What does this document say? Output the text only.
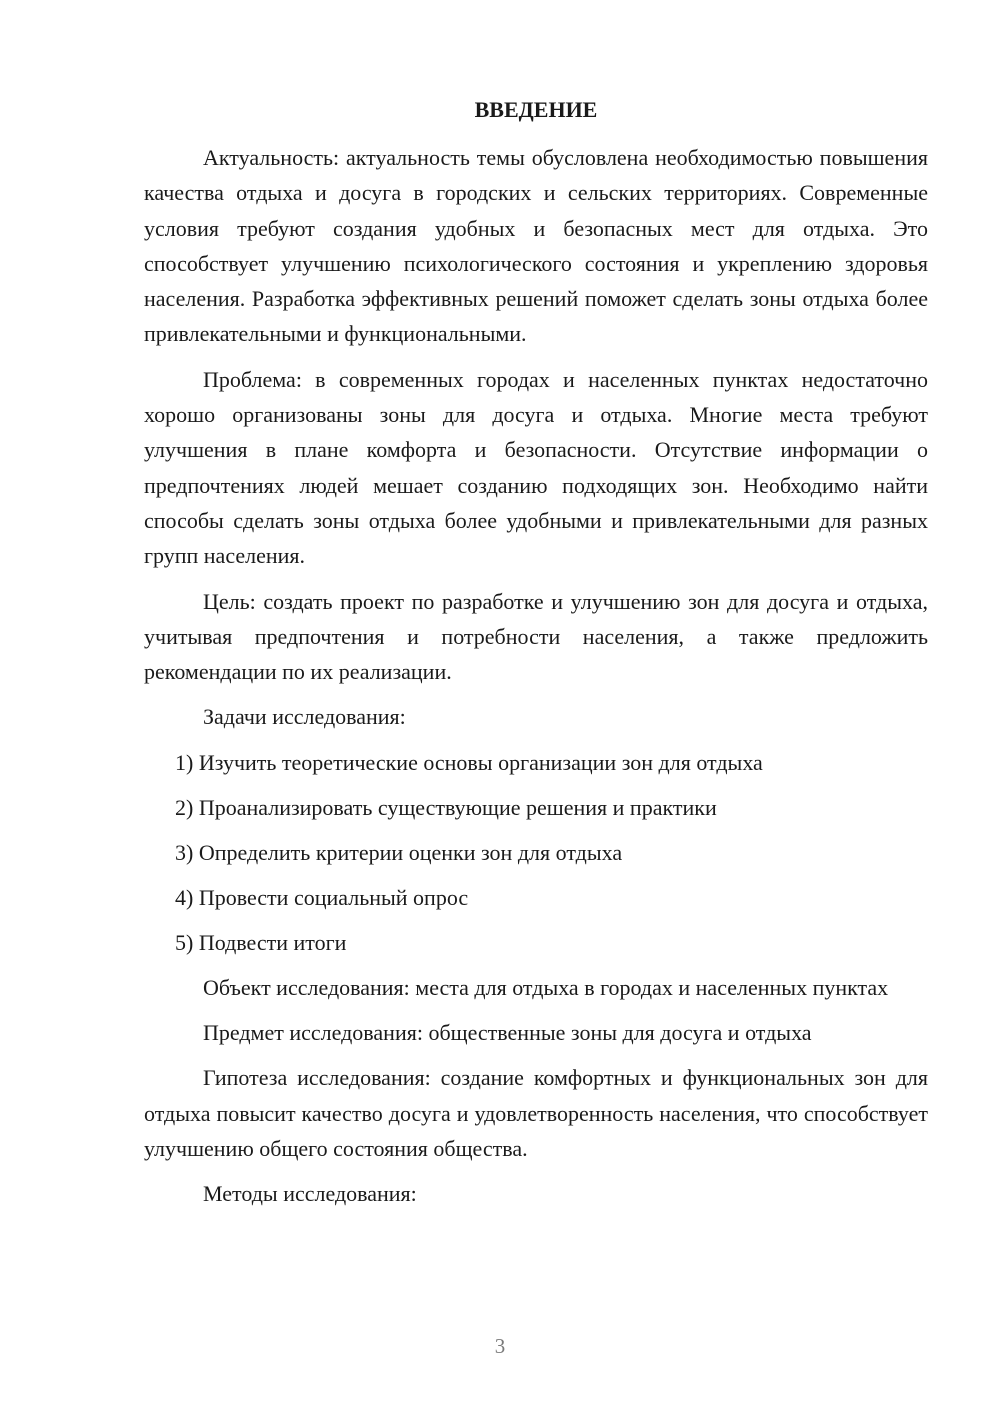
ВВЕДЕНИЕ

Актуальность: актуальность темы обусловлена необходимостью повышения качества отдыха и досуга в городских и сельских территориях. Современные условия требуют создания удобных и безопасных мест для отдыха. Это способствует улучшению психологического состояния и укреплению здоровья населения. Разработка эффективных решений поможет сделать зоны отдыха более привлекательными и функциональными.

Проблема: в современных городах и населенных пунктах недостаточно хорошо организованы зоны для досуга и отдыха. Многие места требуют улучшения в плане комфорта и безопасности. Отсутствие информации о предпочтениях людей мешает созданию подходящих зон. Необходимо найти способы сделать зоны отдыха более удобными и привлекательными для разных групп населения.

Цель: создать проект по разработке и улучшению зон для досуга и отдыха, учитывая предпочтения и потребности населения, а также предложить рекомендации по их реализации.

Задачи исследования:

1 ) Изучить теоретические основы организации зон для отдыха
2 ) Проанализировать существующие решения и практики
3 ) Определить критерии оценки зон для отдыха
4 ) Провести социальный опрос
5 ) Подвести итоги

Объект исследования: места для отдыха в городах и населенных пунктах

Предмет исследования: общественные зоны для досуга и отдыха

Гипотеза исследования: создание комфортных и функциональных зон для отдыха повысит качество досуга и удовлетворенность населения, что способствует улучшению общего состояния общества.

Методы исследования:

3
